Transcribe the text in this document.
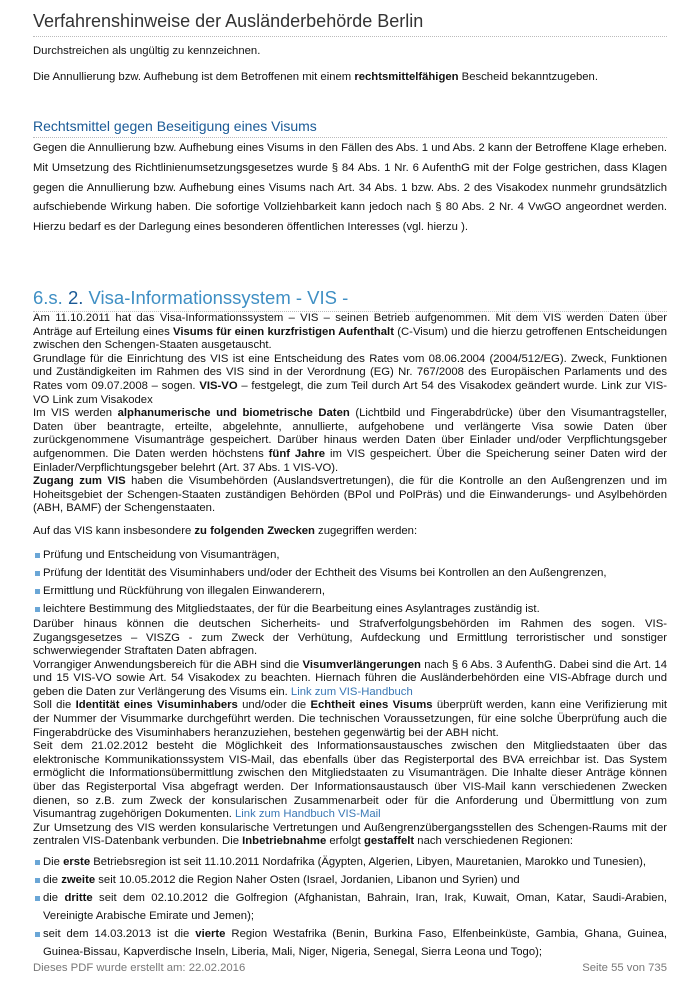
Verfahrenshinweise der Ausländerbehörde Berlin
Durchstreichen als ungültig zu kennzeichnen.
Die Annullierung bzw. Aufhebung ist dem Betroffenen mit einem rechtsmittelfähigen Bescheid bekanntzugeben.
Rechtsmittel gegen Beseitigung eines Visums
Gegen die Annullierung bzw. Aufhebung eines Visums in den Fällen des Abs. 1 und Abs. 2 kann der Betroffene Klage erheben. Mit Umsetzung des Richtlinienumsetzungsgesetzes wurde § 84 Abs. 1 Nr. 6 AufenthG mit der Folge gestrichen, dass Klagen gegen die Annullierung bzw. Aufhebung eines Visums nach Art. 34 Abs. 1 bzw. Abs. 2 des Visakodex nunmehr grundsätzlich aufschiebende Wirkung haben. Die sofortige Vollziehbarkeit kann jedoch nach § 80 Abs. 2 Nr. 4 VwGO angeordnet werden. Hierzu bedarf es der Darlegung eines besonderen öffentlichen Interesses (vgl. hierzu ).
6.s. 2. Visa-Informationssystem - VIS -
Am 11.10.2011 hat das Visa-Informationssystem – VIS – seinen Betrieb aufgenommen. Mit dem VIS werden Daten über Anträge auf Erteilung eines Visums für einen kurzfristigen Aufenthalt (C-Visum) und die hierzu getroffenen Entscheidungen zwischen den Schengen-Staaten ausgetauscht.
Grundlage für die Einrichtung des VIS ist eine Entscheidung des Rates vom 08.06.2004 (2004/512/EG). Zweck, Funktionen und Zuständigkeiten im Rahmen des VIS sind in der Verordnung (EG) Nr. 767/2008 des Europäischen Parlaments und des Rates vom 09.07.2008 – sogen. VIS-VO – festgelegt, die zum Teil durch Art 54 des Visakodex geändert wurde. Link zur VIS-VO Link zum Visakodex
Im VIS werden alphanumerische und biometrische Daten (Lichtbild und Fingerabdrücke) über den Visumantragsteller, Daten über beantragte, erteilte, abgelehnte, annullierte, aufgehobene und verlängerte Visa sowie Daten über zurückgenommene Visumanträge gespeichert. Darüber hinaus werden Daten über Einlader und/oder Verpflichtungsgeber aufgenommen. Die Daten werden höchstens fünf Jahre im VIS gespeichert. Über die Speicherung seiner Daten wird der Einlader/Verpflichtungsgeber belehrt (Art. 37 Abs. 1 VIS-VO).
Zugang zum VIS haben die Visumbehörden (Auslandsvertretungen), die für die Kontrolle an den Außengrenzen und im Hoheitsgebiet der Schengen-Staaten zuständigen Behörden (BPol und PolPräs) und die Einwanderungs- und Asylbehörden (ABH, BAMF) der Schengenstaaten.
Auf das VIS kann insbesondere zu folgenden Zwecken zugegriffen werden:
Prüfung und Entscheidung von Visumanträgen,
Prüfung der Identität des Visuminhabers und/oder der Echtheit des Visums bei Kontrollen an den Außengrenzen,
Ermittlung und Rückführung von illegalen Einwanderern,
leichtere Bestimmung des Mitgliedstaates, der für die Bearbeitung eines Asylantrages zuständig ist.
Darüber hinaus können die deutschen Sicherheits- und Strafverfolgungsbehörden im Rahmen des sogen. VIS-Zugangsgesetzes – VISZG - zum Zweck der Verhütung, Aufdeckung und Ermittlung terroristischer und sonstiger schwerwiegender Straftaten Daten abfragen.
Vorrangiger Anwendungsbereich für die ABH sind die Visumverlängerungen nach § 6 Abs. 3 AufenthG. Dabei sind die Art. 14 und 15 VIS-VO sowie Art. 54 Visakodex zu beachten. Hiernach führen die Ausländerbehörden eine VIS-Abfrage durch und geben die Daten zur Verlängerung des Visums ein. Link zum VIS-Handbuch
Soll die Identität eines Visuminhabers und/oder die Echtheit eines Visums überprüft werden, kann eine Verifizierung mit der Nummer der Visummarke durchgeführt werden. Die technischen Voraussetzungen, für eine solche Überprüfung auch die Fingerabdrücke des Visuminhabers heranzuziehen, bestehen gegenwärtig bei der ABH nicht.
Seit dem 21.02.2012 besteht die Möglichkeit des Informationsaustausches zwischen den Mitgliedstaaten über das elektronische Kommunikationssystem VIS-Mail, das ebenfalls über das Registerportal des BVA erreichbar ist. Das System ermöglicht die Informationsübermittlung zwischen den Mitgliedstaaten zu Visumanträgen. Die Inhalte dieser Anträge können über das Registerportal Visa abgefragt werden. Der Informationsaustausch über VIS-Mail kann verschiedenen Zwecken dienen, so z.B. zum Zweck der konsularischen Zusammenarbeit oder für die Anforderung und Übermittlung von zum Visumantrag zugehörigen Dokumenten. Link zum Handbuch VIS-Mail
Zur Umsetzung des VIS werden konsularische Vertretungen und Außengrenzübergangsstellen des Schengen-Raums mit der zentralen VIS-Datenbank verbunden. Die Inbetriebnahme erfolgt gestaffelt nach verschiedenen Regionen:
Die erste Betriebsregion ist seit 11.10.2011 Nordafrika (Ägypten, Algerien, Libyen, Mauretanien, Marokko und Tunesien),
die zweite seit 10.05.2012 die Region Naher Osten (Israel, Jordanien, Libanon und Syrien) und
die dritte seit dem 02.10.2012 die Golfregion (Afghanistan, Bahrain, Iran, Irak, Kuwait, Oman, Katar, Saudi-Arabien, Vereinigte Arabische Emirate und Jemen);
seit dem 14.03.2013 ist die vierte Region Westafrika (Benin, Burkina Faso, Elfenbeinküste, Gambia, Ghana, Guinea, Guinea-Bissau, Kapverdische Inseln, Liberia, Mali, Niger, Nigeria, Senegal, Sierra Leona und Togo);
Dieses PDF wurde erstellt am: 22.02.2016	Seite 55 von 735
